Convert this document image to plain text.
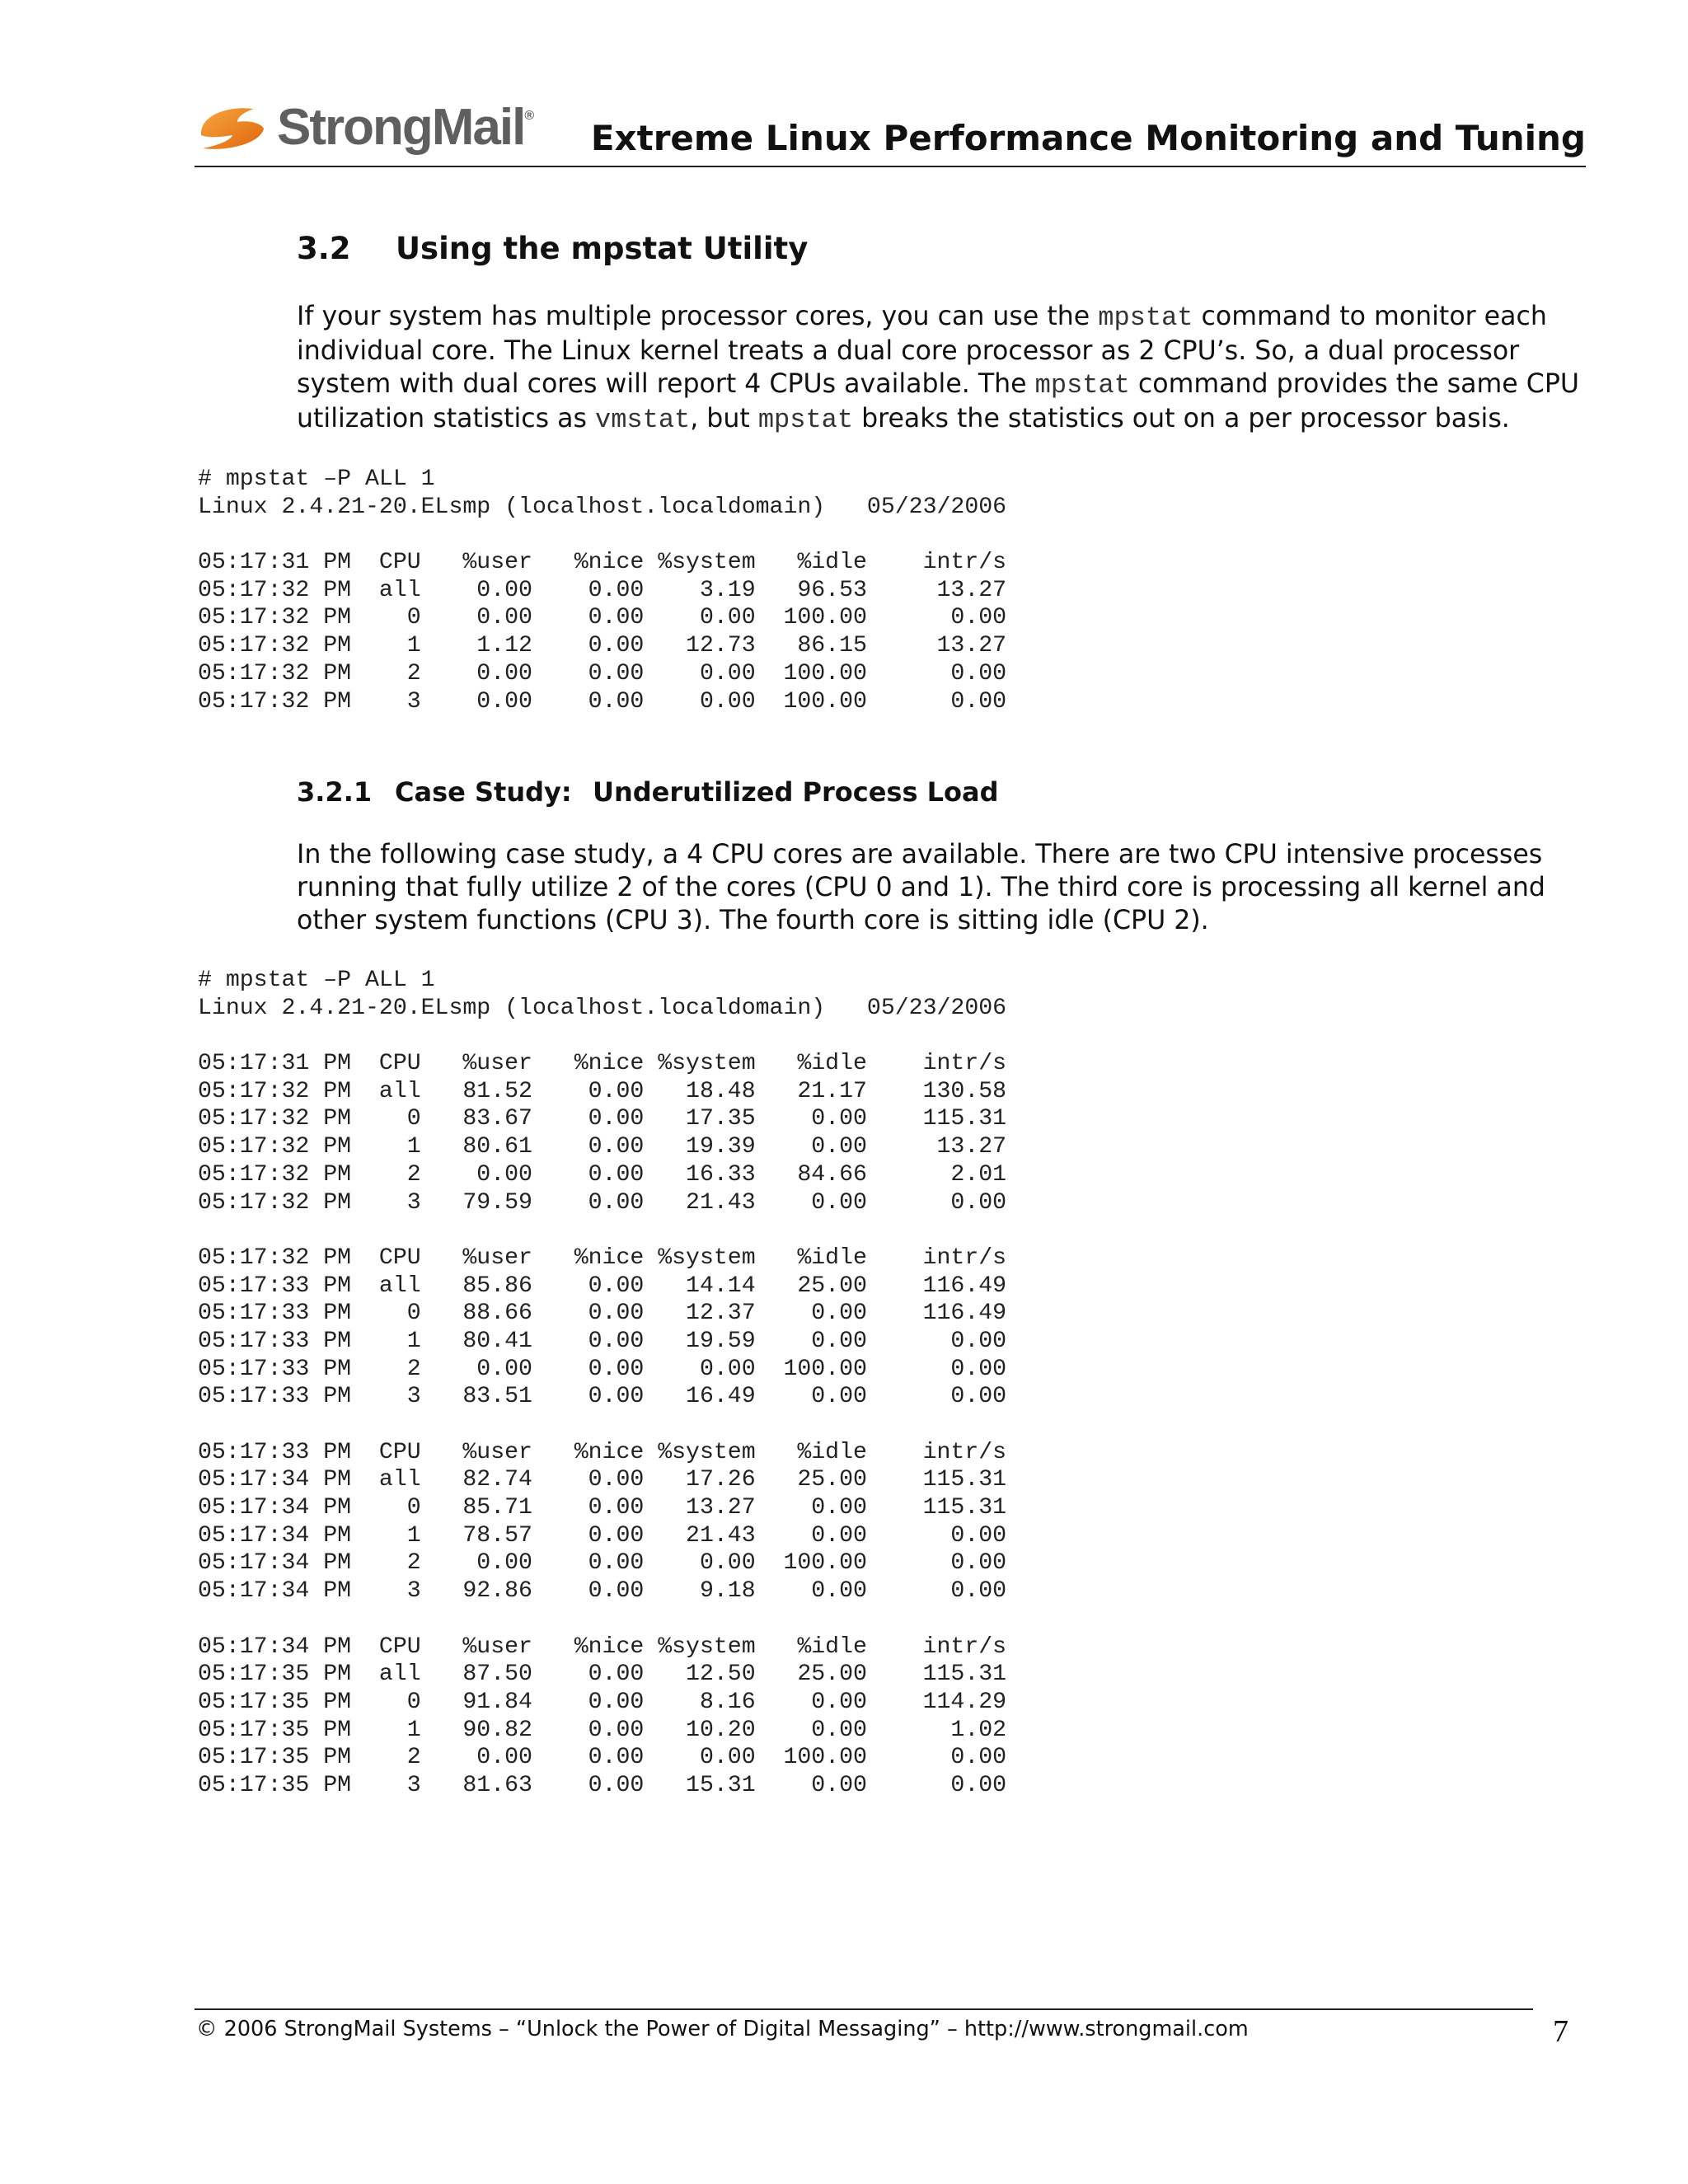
StrongMail®
Extreme Linux Performance Monitoring and Tuning
3.2 Using the mpstat Utility
If your system has multiple processor cores, you can use the mpstat command to monitor each individual core. The Linux kernel treats a dual core processor as 2 CPU’s. So, a dual processor system with dual cores will report 4 CPUs available. The mpstat command provides the same CPU utilization statistics as vmstat, but mpstat breaks the statistics out on a per processor basis.
# mpstat –P ALL 1
Linux 2.4.21-20.ELsmp (localhost.localdomain)   05/23/2006

05:17:31 PM  CPU   %user   %nice %system   %idle    intr/s
05:17:32 PM  all    0.00    0.00    3.19   96.53     13.27
05:17:32 PM    0    0.00    0.00    0.00  100.00      0.00
05:17:32 PM    1    1.12    0.00   12.73   86.15     13.27
05:17:32 PM    2    0.00    0.00    0.00  100.00      0.00
05:17:32 PM    3    0.00    0.00    0.00  100.00      0.00
3.2.1 Case Study: Underutilized Process Load
In the following case study, a 4 CPU cores are available. There are two CPU intensive processes running that fully utilize 2 of the cores (CPU 0 and 1). The third core is processing all kernel and other system functions (CPU 3). The fourth core is sitting idle (CPU 2).
# mpstat –P ALL 1
Linux 2.4.21-20.ELsmp (localhost.localdomain)   05/23/2006

05:17:31 PM  CPU   %user   %nice %system   %idle    intr/s
05:17:32 PM  all   81.52    0.00   18.48   21.17    130.58
05:17:32 PM    0   83.67    0.00   17.35    0.00    115.31
05:17:32 PM    1   80.61    0.00   19.39    0.00     13.27
05:17:32 PM    2    0.00    0.00   16.33   84.66      2.01
05:17:32 PM    3   79.59    0.00   21.43    0.00      0.00

05:17:32 PM  CPU   %user   %nice %system   %idle    intr/s
05:17:33 PM  all   85.86    0.00   14.14   25.00    116.49
05:17:33 PM    0   88.66    0.00   12.37    0.00    116.49
05:17:33 PM    1   80.41    0.00   19.59    0.00      0.00
05:17:33 PM    2    0.00    0.00    0.00  100.00      0.00
05:17:33 PM    3   83.51    0.00   16.49    0.00      0.00

05:17:33 PM  CPU   %user   %nice %system   %idle    intr/s
05:17:34 PM  all   82.74    0.00   17.26   25.00    115.31
05:17:34 PM    0   85.71    0.00   13.27    0.00    115.31
05:17:34 PM    1   78.57    0.00   21.43    0.00      0.00
05:17:34 PM    2    0.00    0.00    0.00  100.00      0.00
05:17:34 PM    3   92.86    0.00    9.18    0.00      0.00

05:17:34 PM  CPU   %user   %nice %system   %idle    intr/s
05:17:35 PM  all   87.50    0.00   12.50   25.00    115.31
05:17:35 PM    0   91.84    0.00    8.16    0.00    114.29
05:17:35 PM    1   90.82    0.00   10.20    0.00      1.02
05:17:35 PM    2    0.00    0.00    0.00  100.00      0.00
05:17:35 PM    3   81.63    0.00   15.31    0.00      0.00
© 2006 StrongMail Systems – “Unlock the Power of Digital Messaging” – http://www.strongmail.com	7
